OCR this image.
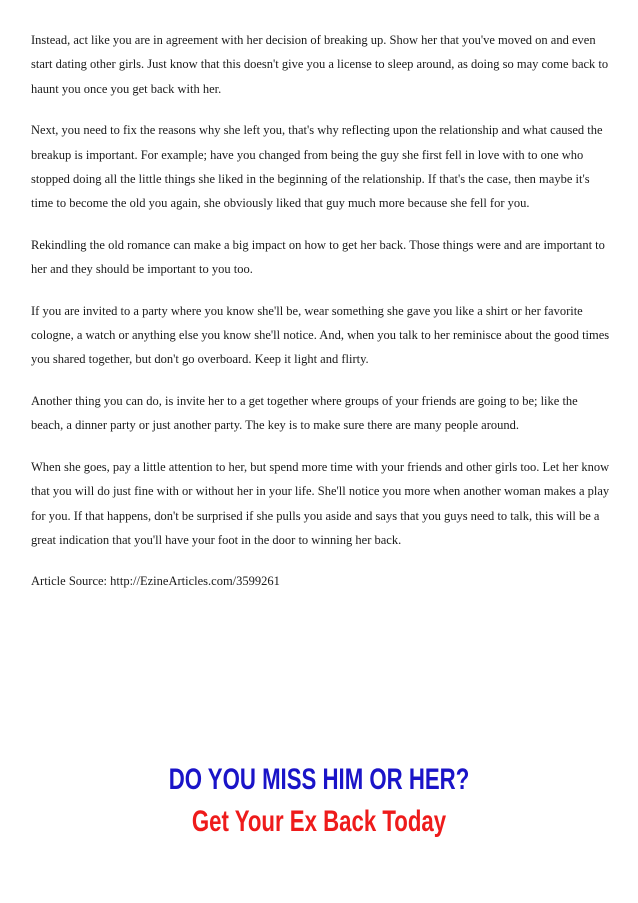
Instead, act like you are in agreement with her decision of breaking up. Show her that you've moved on and even start dating other girls. Just know that this doesn't give you a license to sleep around, as doing so may come back to haunt you once you get back with her.

Next, you need to fix the reasons why she left you, that's why reflecting upon the relationship and what caused the breakup is important. For example; have you changed from being the guy she first fell in love with to one who stopped doing all the little things she liked in the beginning of the relationship. If that's the case, then maybe it's time to become the old you again, she obviously liked that guy much more because she fell for you.

Rekindling the old romance can make a big impact on how to get her back. Those things were and are important to her and they should be important to you too.

If you are invited to a party where you know she'll be, wear something she gave you like a shirt or her favorite cologne, a watch or anything else you know she'll notice. And, when you talk to her reminisce about the good times you shared together, but don't go overboard. Keep it light and flirty.

Another thing you can do, is invite her to a get together where groups of your friends are going to be; like the beach, a dinner party or just another party. The key is to make sure there are many people around.

When she goes, pay a little attention to her, but spend more time with your friends and other girls too. Let her know that you will do just fine with or without her in your life. She'll notice you more when another woman makes a play for you. If that happens, don't be surprised if she pulls you aside and says that you guys need to talk, this will be a great indication that you'll have your foot in the door to winning her back.

Article Source: http://EzineArticles.com/3599261

DO YOU MISS HIM OR HER?
Get Your Ex Back Today
